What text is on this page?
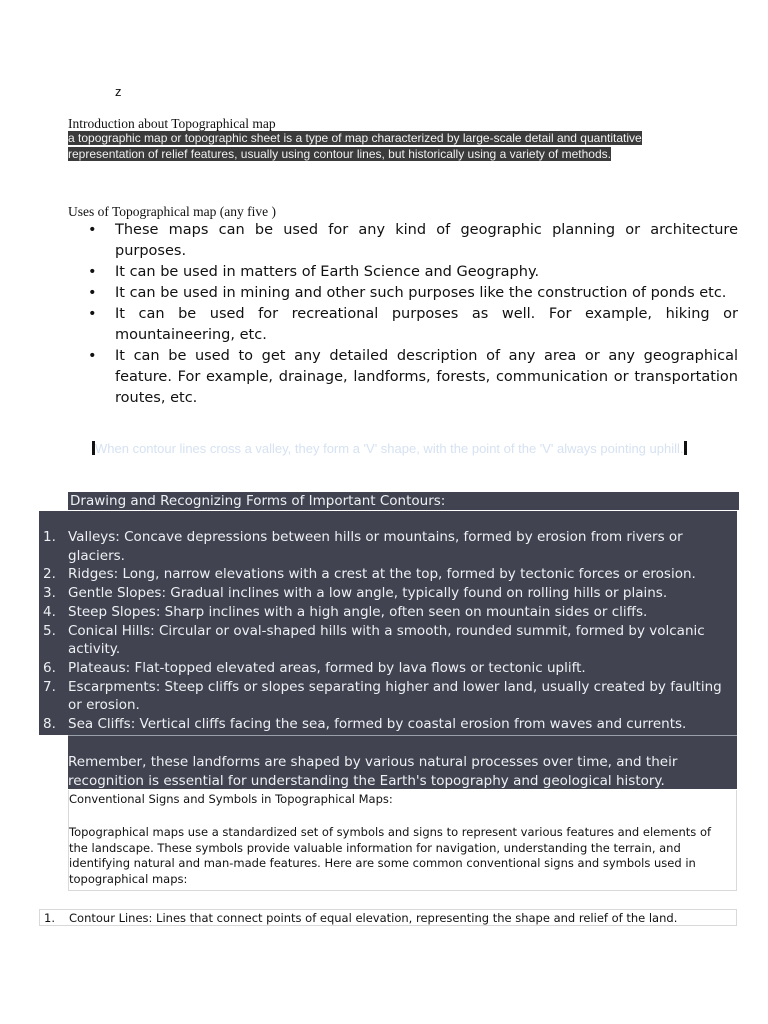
z
Introduction about Topographical map
a topographic map or topographic sheet is a type of map characterized by large-scale detail and quantitative
representation of relief features, usually using contour lines, but historically using a variety of methods.
Uses of Topographical map (any five )
• These maps can be used for any kind of geographic planning or architecture purposes.
• It can be used in matters of Earth Science and Geography.
• It can be used in mining and other such purposes like the construction of ponds etc.
• It can be used for recreational purposes as well. For example, hiking or mountaineering, etc.
• It can be used to get any detailed description of any area or any geographical feature. For example, drainage, landforms, forests, communication or transportation routes, etc.
When contour lines cross a valley, they form a 'V' shape, with the point of the 'V' always pointing uphill.
Drawing and Recognizing Forms of Important Contours:
1. Valleys: Concave depressions between hills or mountains, formed by erosion from rivers or glaciers.
2. Ridges: Long, narrow elevations with a crest at the top, formed by tectonic forces or erosion.
3. Gentle Slopes: Gradual inclines with a low angle, typically found on rolling hills or plains.
4. Steep Slopes: Sharp inclines with a high angle, often seen on mountain sides or cliffs.
5. Conical Hills: Circular or oval-shaped hills with a smooth, rounded summit, formed by volcanic activity.
6. Plateaus: Flat-topped elevated areas, formed by lava flows or tectonic uplift.
7. Escarpments: Steep cliffs or slopes separating higher and lower land, usually created by faulting or erosion.
8. Sea Cliffs: Vertical cliffs facing the sea, formed by coastal erosion from waves and currents.
Remember, these landforms are shaped by various natural processes over time, and their recognition is essential for understanding the Earth's topography and geological history.
Conventional Signs and Symbols in Topographical Maps:
Topographical maps use a standardized set of symbols and signs to represent various features and elements of the landscape. These symbols provide valuable information for navigation, understanding the terrain, and identifying natural and man-made features. Here are some common conventional signs and symbols used in topographical maps:
1. Contour Lines: Lines that connect points of equal elevation, representing the shape and relief of the land.
